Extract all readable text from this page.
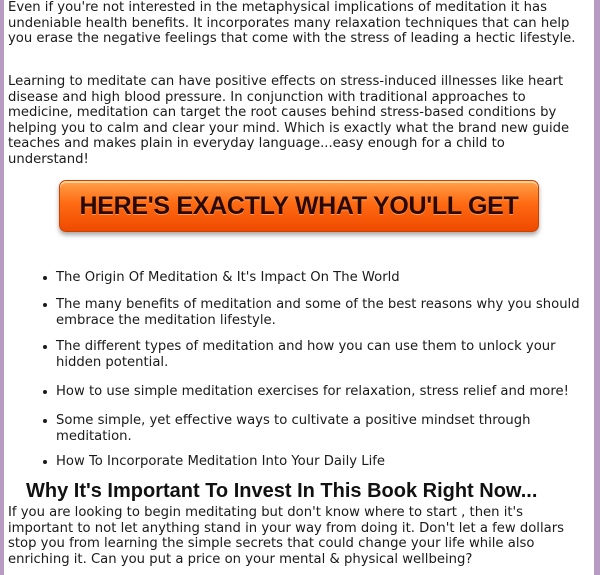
Even if you're not interested in the metaphysical implications of meditation it has undeniable health benefits. It incorporates many relaxation techniques that can help you erase the negative feelings that come with the stress of leading a hectic lifestyle.

Learning to meditate can have positive effects on stress-induced illnesses like heart disease and high blood pressure. In conjunction with traditional approaches to medicine, meditation can target the root causes behind stress-based conditions by helping you to calm and clear your mind. Which is exactly what the brand new guide teaches and makes plain in everyday language...easy enough for a child to understand!

HERE'S EXACTLY WHAT YOU'LL GET
The Origin Of Meditation & It's Impact On The World
The many benefits of meditation and some of the best reasons why you should embrace the meditation lifestyle.
The different types of meditation and how you can use them to unlock your hidden potential.
How to use simple meditation exercises for relaxation, stress relief and more!
Some simple, yet effective ways to cultivate a positive mindset through meditation.
How To Incorporate Meditation Into Your Daily Life
Why It's Important To Invest In This Book Right Now...

If you are looking to begin meditating but don't know where to start , then it's important to not let anything stand in your way from doing it. Don't let a few dollars stop you from learning the simple secrets that could change your life while also enriching it. Can you put a price on your mental & physical wellbeing?
